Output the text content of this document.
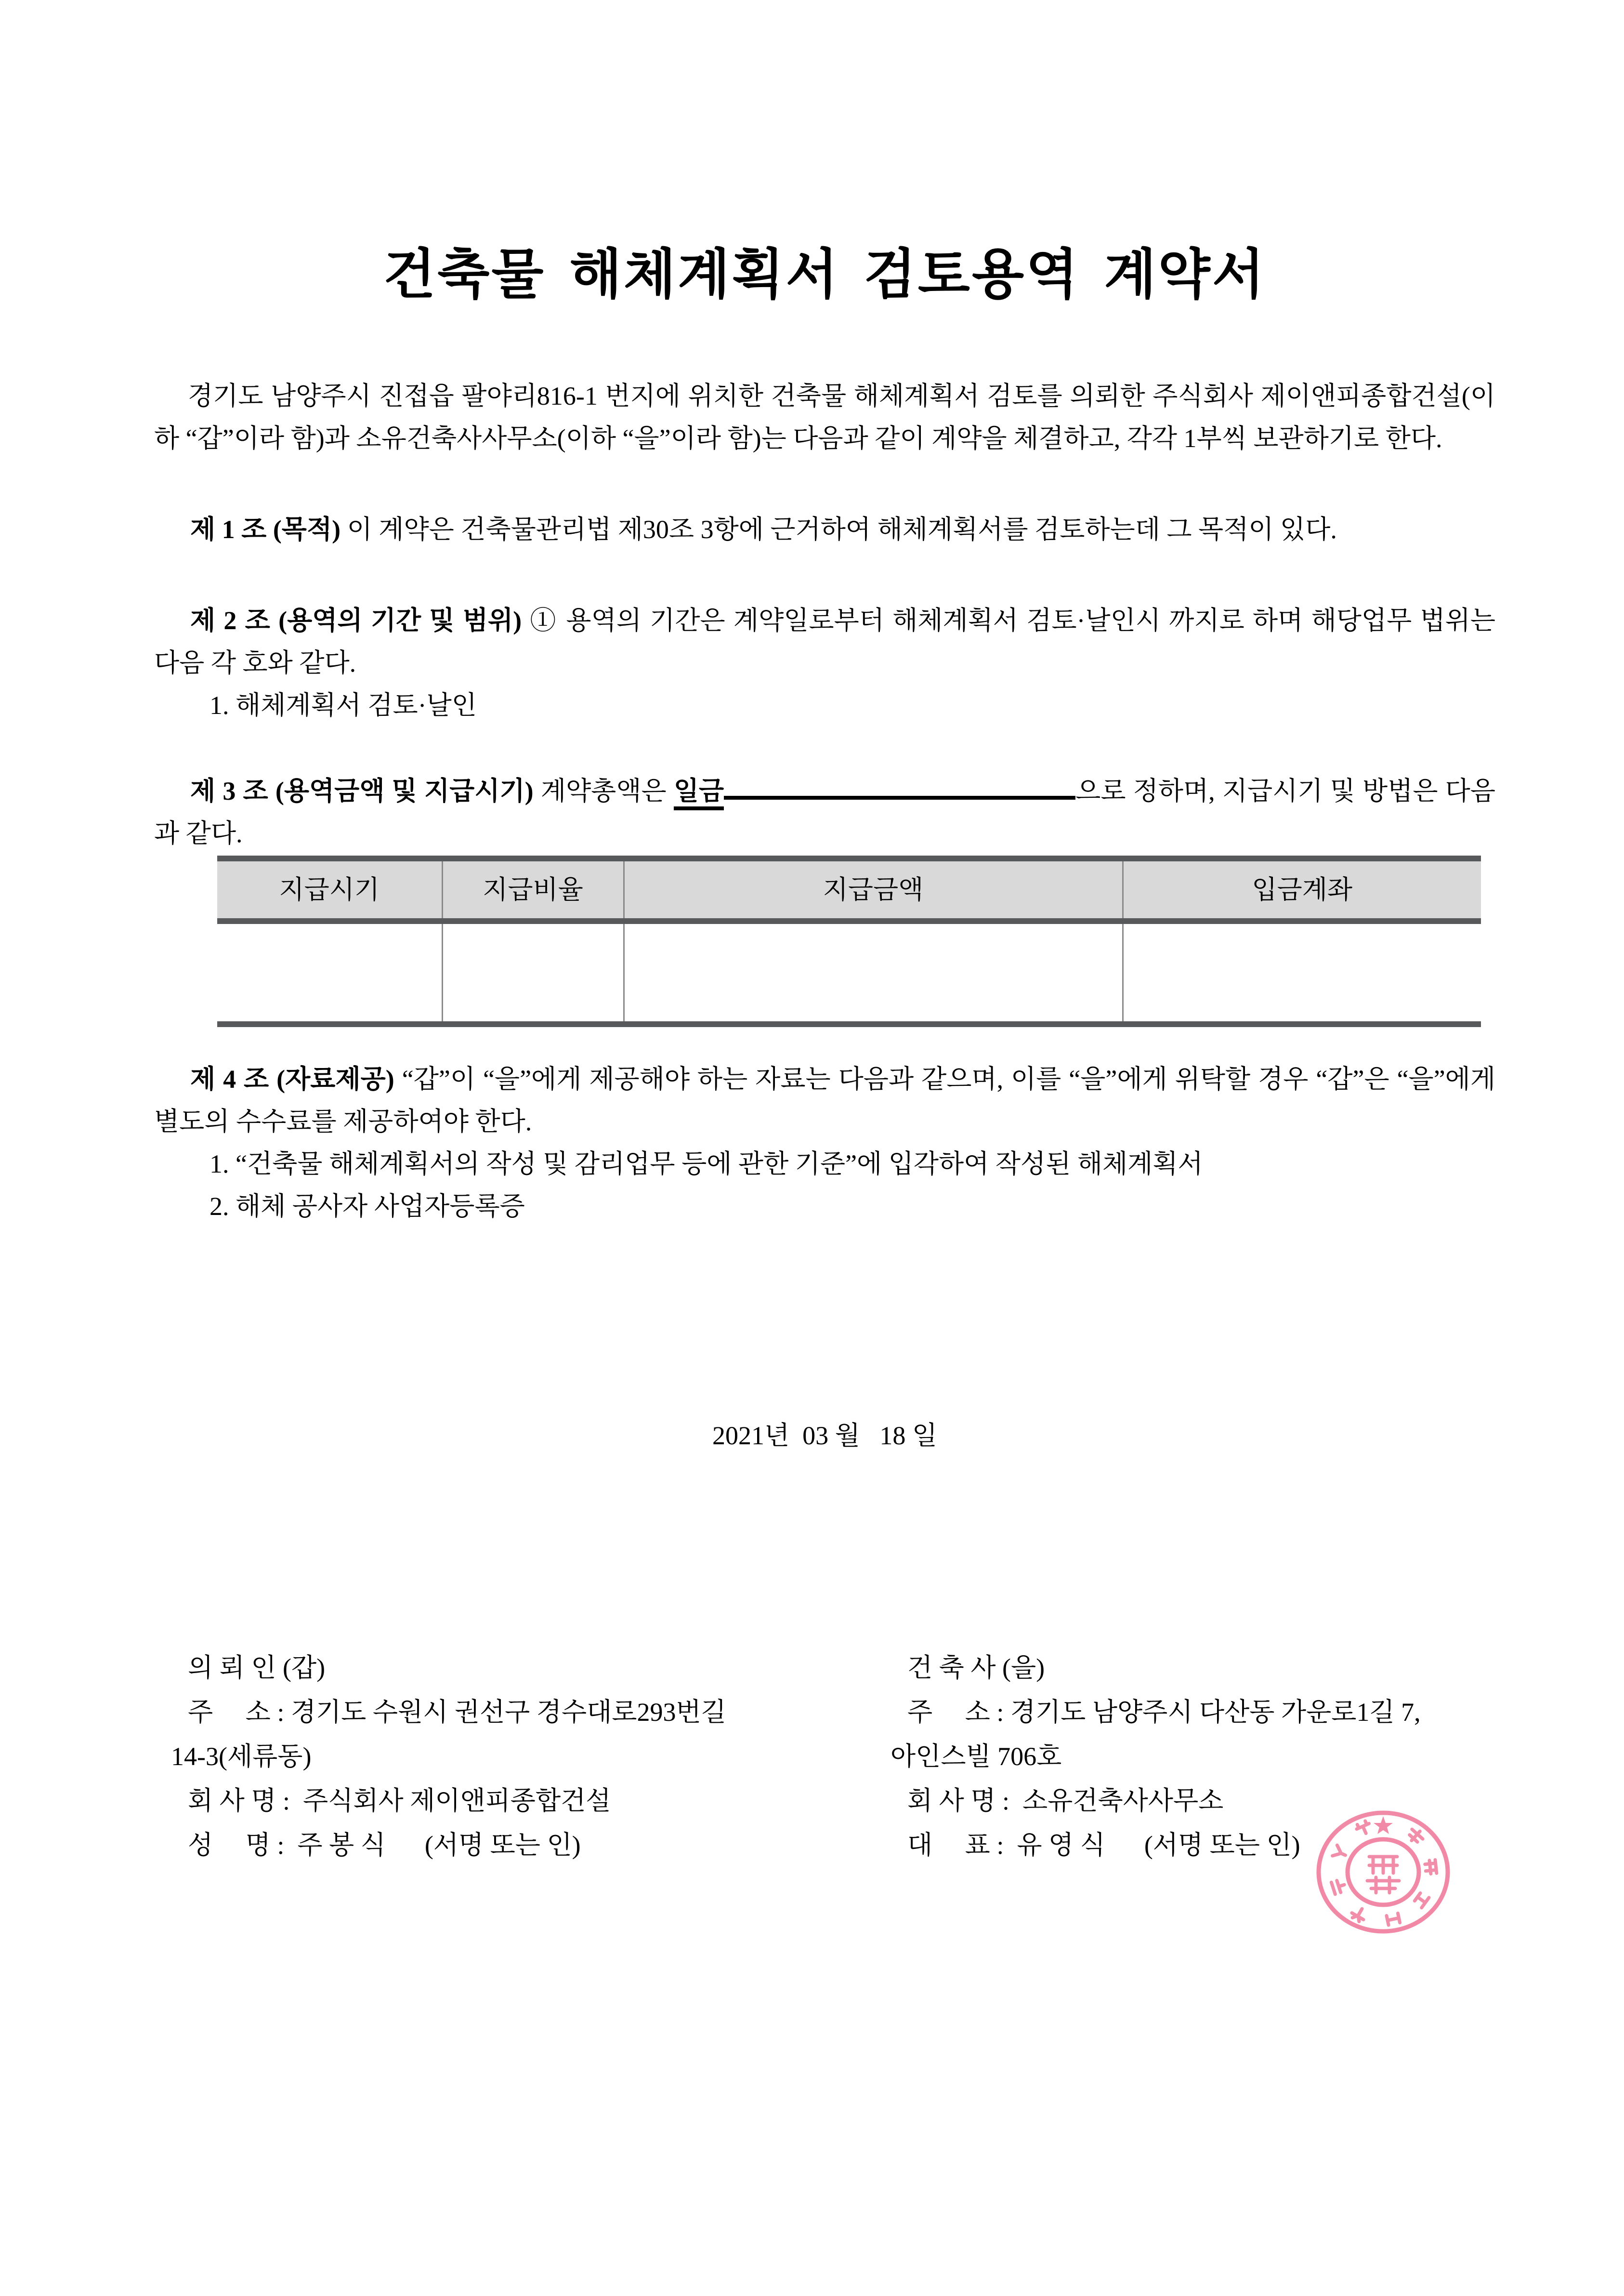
건축물 해체계획서 검토용역 계약서

경기도 남양주시 진접읍 팔야리816-1 번지에 위치한 건축물 해체계획서 검토를 의뢰한 주식회사 제이앤피종합건설(이하 “갑”이라 함)과 소유건축사사무소(이하 “을”이라 함)는 다음과 같이 계약을 체결하고, 각각 1부씩 보관하기로 한다.

제 1 조 (목적) 이 계약은 건축물관리법 제30조 3항에 근거하여 해체계획서를 검토하는데 그 목적이 있다.

제 2 조 (용역의 기간 및 범위) ① 용역의 기간은 계약일로부터 해체계획서 검토·날인시 까지로 하며 해당업무 법위는 다음 각 호와 같다.

1. 해체계획서 검토·날인

제 3 조 (용역금액 및 지급시기) 계약총액은 일금	으로 정하며, 지급시기 및 방법은 다음과 같다.

지급시기	지급비율	지급금액	입금계좌

제 4 조 (자료제공) “갑”이 “을”에게 제공해야 하는 자료는 다음과 같으며, 이를 “을”에게 위탁할 경우 “갑”은 “을”에게 별도의 수수료를 제공하여야 한다.

1. “건축물 해체계획서의 작성 및 감리업무 등에 관한 기준”에 입각하여 작성된 해체계획서
2. 해체 공사자 사업자등록증
2021년  03 월   18 일
의 뢰 인 (갑)
주     소 : 경기도 수원시 권선구 경수대로293번길
14-3(세류동)
회 사 명 :  주식회사 제이앤피종합건설
성     명 :  주 봉 식      (서명 또는 인)
건 축 사 (을)
주     소 : 경기도 남양주시 다산동 가운로1길 7,
아인스빌 706호
회 사 명 :  소유건축사사무소
대     표 :  유 영 식      (서명 또는 인)
